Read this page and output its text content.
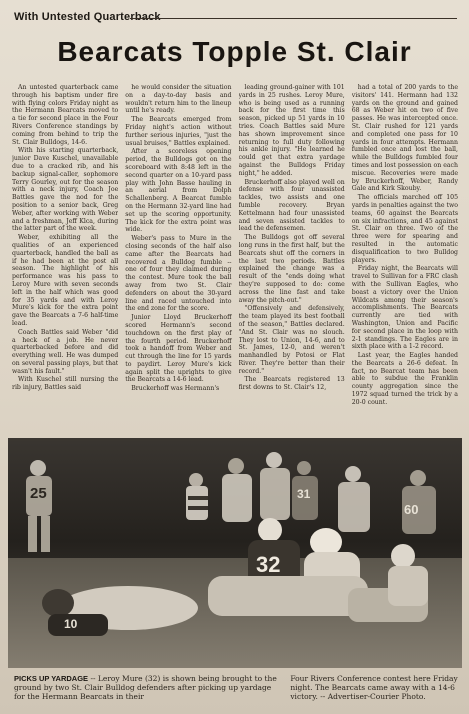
With Untested Quarterback
Bearcats Topple St. Clair

An untested quarterback came through his baptism under fire with flying colors Friday night as the Hermann Bearcats moved to a tie for second place in the Four Rivers Conference standings by coming from behind to trip the St. Clair Bulldogs, 14-6.

With his starting quarterback, junior Dave Kuschel, unavailable due to a cracked rib, and his backup signal-caller, sophomore Terry Gourley, out for the season with a neck injury, Coach Joe Battles gave the nod for the position to a senior back, Greg Weber, after working with Weber and a freshman, Jeff Klca, during the latter part of the week.

Weber, exhibiting all the qualities of an experienced quarterback, handled the ball as if he had been at the post all season. The highlight of his performance was his pass to Leroy Mure with seven seconds left in the half which was good for 35 yards and with Leroy Mure's kick for the extra point gave the Bearcats a 7-6 half-time lead.

Coach Battles said Weber "did a heck of a job. He never quarterbacked before and did everything well. He was dumped on several passing plays, but that wasn't his fault."

With Kuschel still nursing the rib injury, Battles said

he would consider the situation on a day-to-day basis and wouldn't return him to the lineup until he's ready.

The Bearcats emerged from Friday night's action without further serious injuries, "just the usual bruises," Battles explained.

After a scoreless opening period, the Bulldogs got on the scoreboard with 8:48 left in the second quarter on a 10-yard pass play with John Basse hauling in an aerial from Dolph Schallenberg. A Bearcat fumble on the Hermann 32-yard line had set up the scoring opportunity. The kick for the extra point was wide.

Weber's pass to Mure in the closing seconds of the half also came after the Bearcats had recovered a Bulldog fumble -- one of four they claimed during the contest. Mure took the ball away from two St. Clair defenders on about the 30-yard line and raced untouched into the end zone for the score.

Junior Lloyd Bruckerhoff scored Hermann's second touchdown on the first play of the fourth period. Bruckerhoff took a handoff from Weber and cut through the line for 15 yards to paydirt. Leroy Mure's kick again split the uprights to give the Bearcats a 14-6 lead.

Bruckerhoff was Hermann's

leading ground-gainer with 101 yards in 25 rushes. Leroy Mure, who is being used as a running back for the first time this season, picked up 51 yards in 10 tries. Coach Battles said Mure has shown improvement since returning to full duty following his ankle injury. "He learned he could get that extra yardage against the Bulldogs Friday night," he added.

Bruckerhoff also played well on defense with four unassisted tackles, two assists and one fumble recovery. Bryan Kettelmann had four unassisted and seven assisted tackles to lead the defensemen.

The Bulldogs got off several long runs in the first half, but the Bearcats shut off the corners in the last two periods. Battles explained the change was a result of the "ends doing what they're supposed to do: come across the line fast and take away the pitch-out."

"Offensively and defensively, the team played its best football of the season," Battles declared. "And St. Clair was no slouch. They lost to Union, 14-6, and to St. James, 12-0, and weren't manhandled by Potosi or Flat River. They're better than their record."

The Bearcats registered 13 first downs to St. Clair's 12,

had a total of 200 yards to the visitors' 141. Hermann had 132 yards on the ground and gained 68 as Weber hit on two of five passes. He was intercepted once. St. Clair rushed for 121 yards and completed one pass for 10 yards in four attempts. Hermann fumbled once and lost the ball, while the Bulldogs fumbled four times and lost possession on each miscue. Recoveries were made by Bruckerhoff, Weber, Randy Gale and Kirk Skouby.

The officials marched off 105 yards in penalties against the two teams, 60 against the Bearcats on six infractions, and 45 against St. Clair on three. Two of the three were for spearing and resulted in the automatic disqualification to two Bulldog players.

Friday night, the Bearcats will travel to Sullivan for a FRC clash with the Sullivan Eagles, who boast a victory over the Union Wildcats among their season's accomplishments. The Bearcats currently are tied with Washington, Union and Pacific for second place in the loop with 2-1 standings. The Eagles are in sixth place with a 1-2 record.

Last year, the Eagles handed the Bearcats a 26-6 defeat. In fact, no Bearcat team has been able to subdue the Franklin county aggregation since the 1972 squad turned the trick by a 20-0 count.

25	31
32
60
10
PICKS UP YARDAGE -- Leroy Mure (32) is shown being brought to the ground by two St. Clair Bulldog defenders after picking up yardage for the Hermann Bearcats in their
Four Rivers Conference contest here Friday night. The Bearcats came away with a 14-6 victory. -- Advertiser-Courier Photo.
